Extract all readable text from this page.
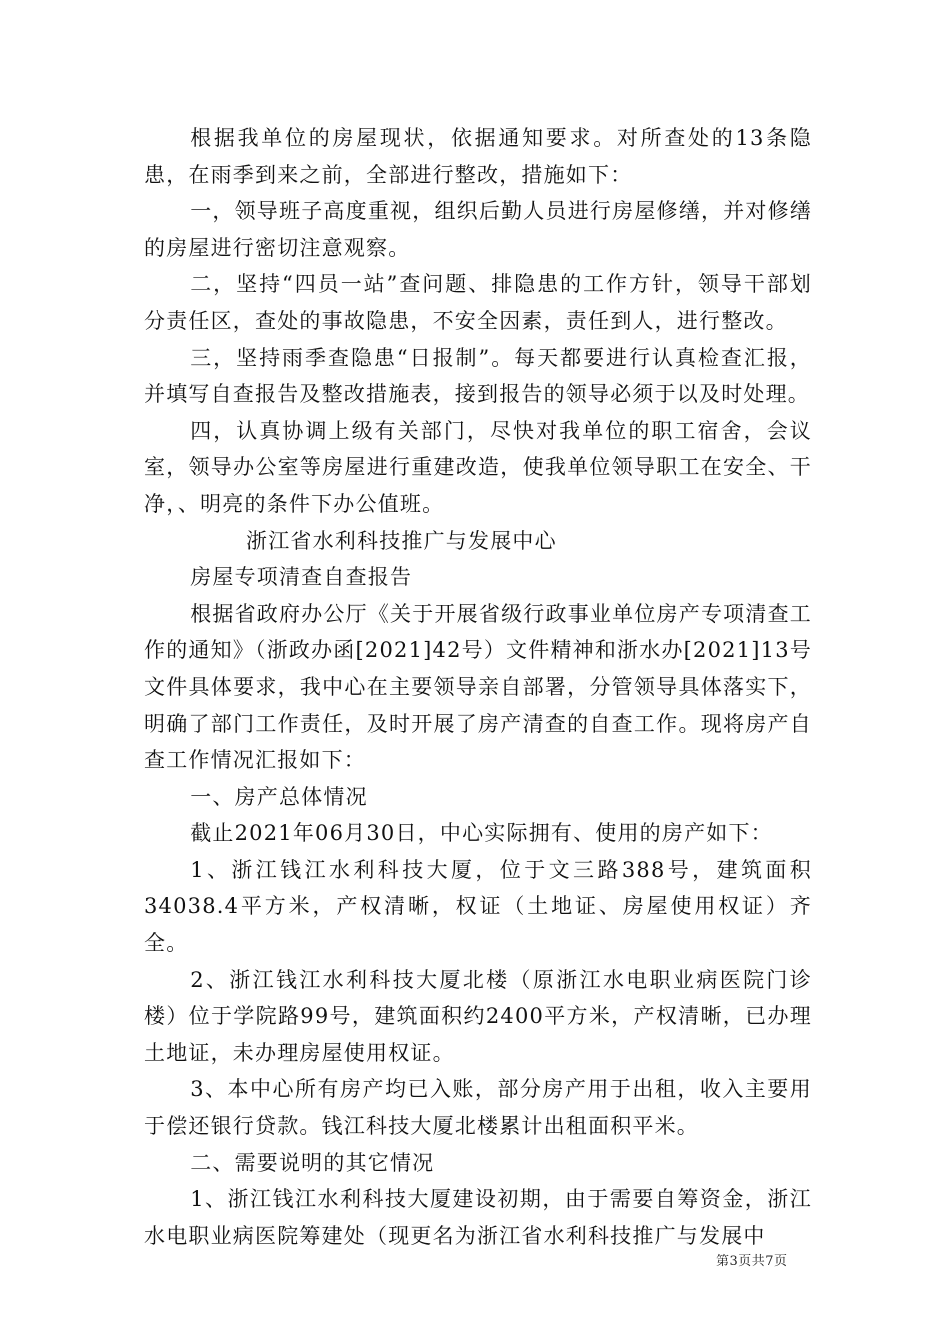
根据我单位的房屋现状，依据通知要求。对所查处的13条隐患，在雨季到来之前，全部进行整改，措施如下：

一，领导班子高度重视，组织后勤人员进行房屋修缮，并对修缮的房屋进行密切注意观察。

二，坚持“四员一站”查问题、排隐患的工作方针，领导干部划分责任区，查处的事故隐患，不安全因素，责任到人，进行整改。

三，坚持雨季查隐患“日报制”。每天都要进行认真检查汇报，并填写自查报告及整改措施表，接到报告的领导必须于以及时处理。

四，认真协调上级有关部门，尽快对我单位的职工宿舍，会议室，领导办公室等房屋进行重建改造，使我单位领导职工在安全、干净，、明亮的条件下办公值班。

浙江省水利科技推广与发展中心

房屋专项清查自查报告

根据省政府办公厅《关于开展省级行政事业单位房产专项清查工作的通知》（浙政办函[2021]42号）文件精神和浙水办[2021]13号文件具体要求，我中心在主要领导亲自部署，分管领导具体落实下，明确了部门工作责任，及时开展了房产清查的自查工作。现将房产自查工作情况汇报如下：

一、房产总体情况

截止2021年06月30日，中心实际拥有、使用的房产如下：

1、浙江钱江水利科技大厦，位于文三路388号，建筑面积34038.4平方米，产权清晰，权证（土地证、房屋使用权证）齐全。

2、浙江钱江水利科技大厦北楼（原浙江水电职业病医院门诊楼）位于学院路99号，建筑面积约2400平方米，产权清晰，已办理土地证，未办理房屋使用权证。

3、本中心所有房产均已入账，部分房产用于出租，收入主要用于偿还银行贷款。钱江科技大厦北楼累计出租面积平米。

二、需要说明的其它情况

1、浙江钱江水利科技大厦建设初期，由于需要自筹资金，浙江水电职业病医院筹建处（现更名为浙江省水利科技推广与发展中

第3页共7页
